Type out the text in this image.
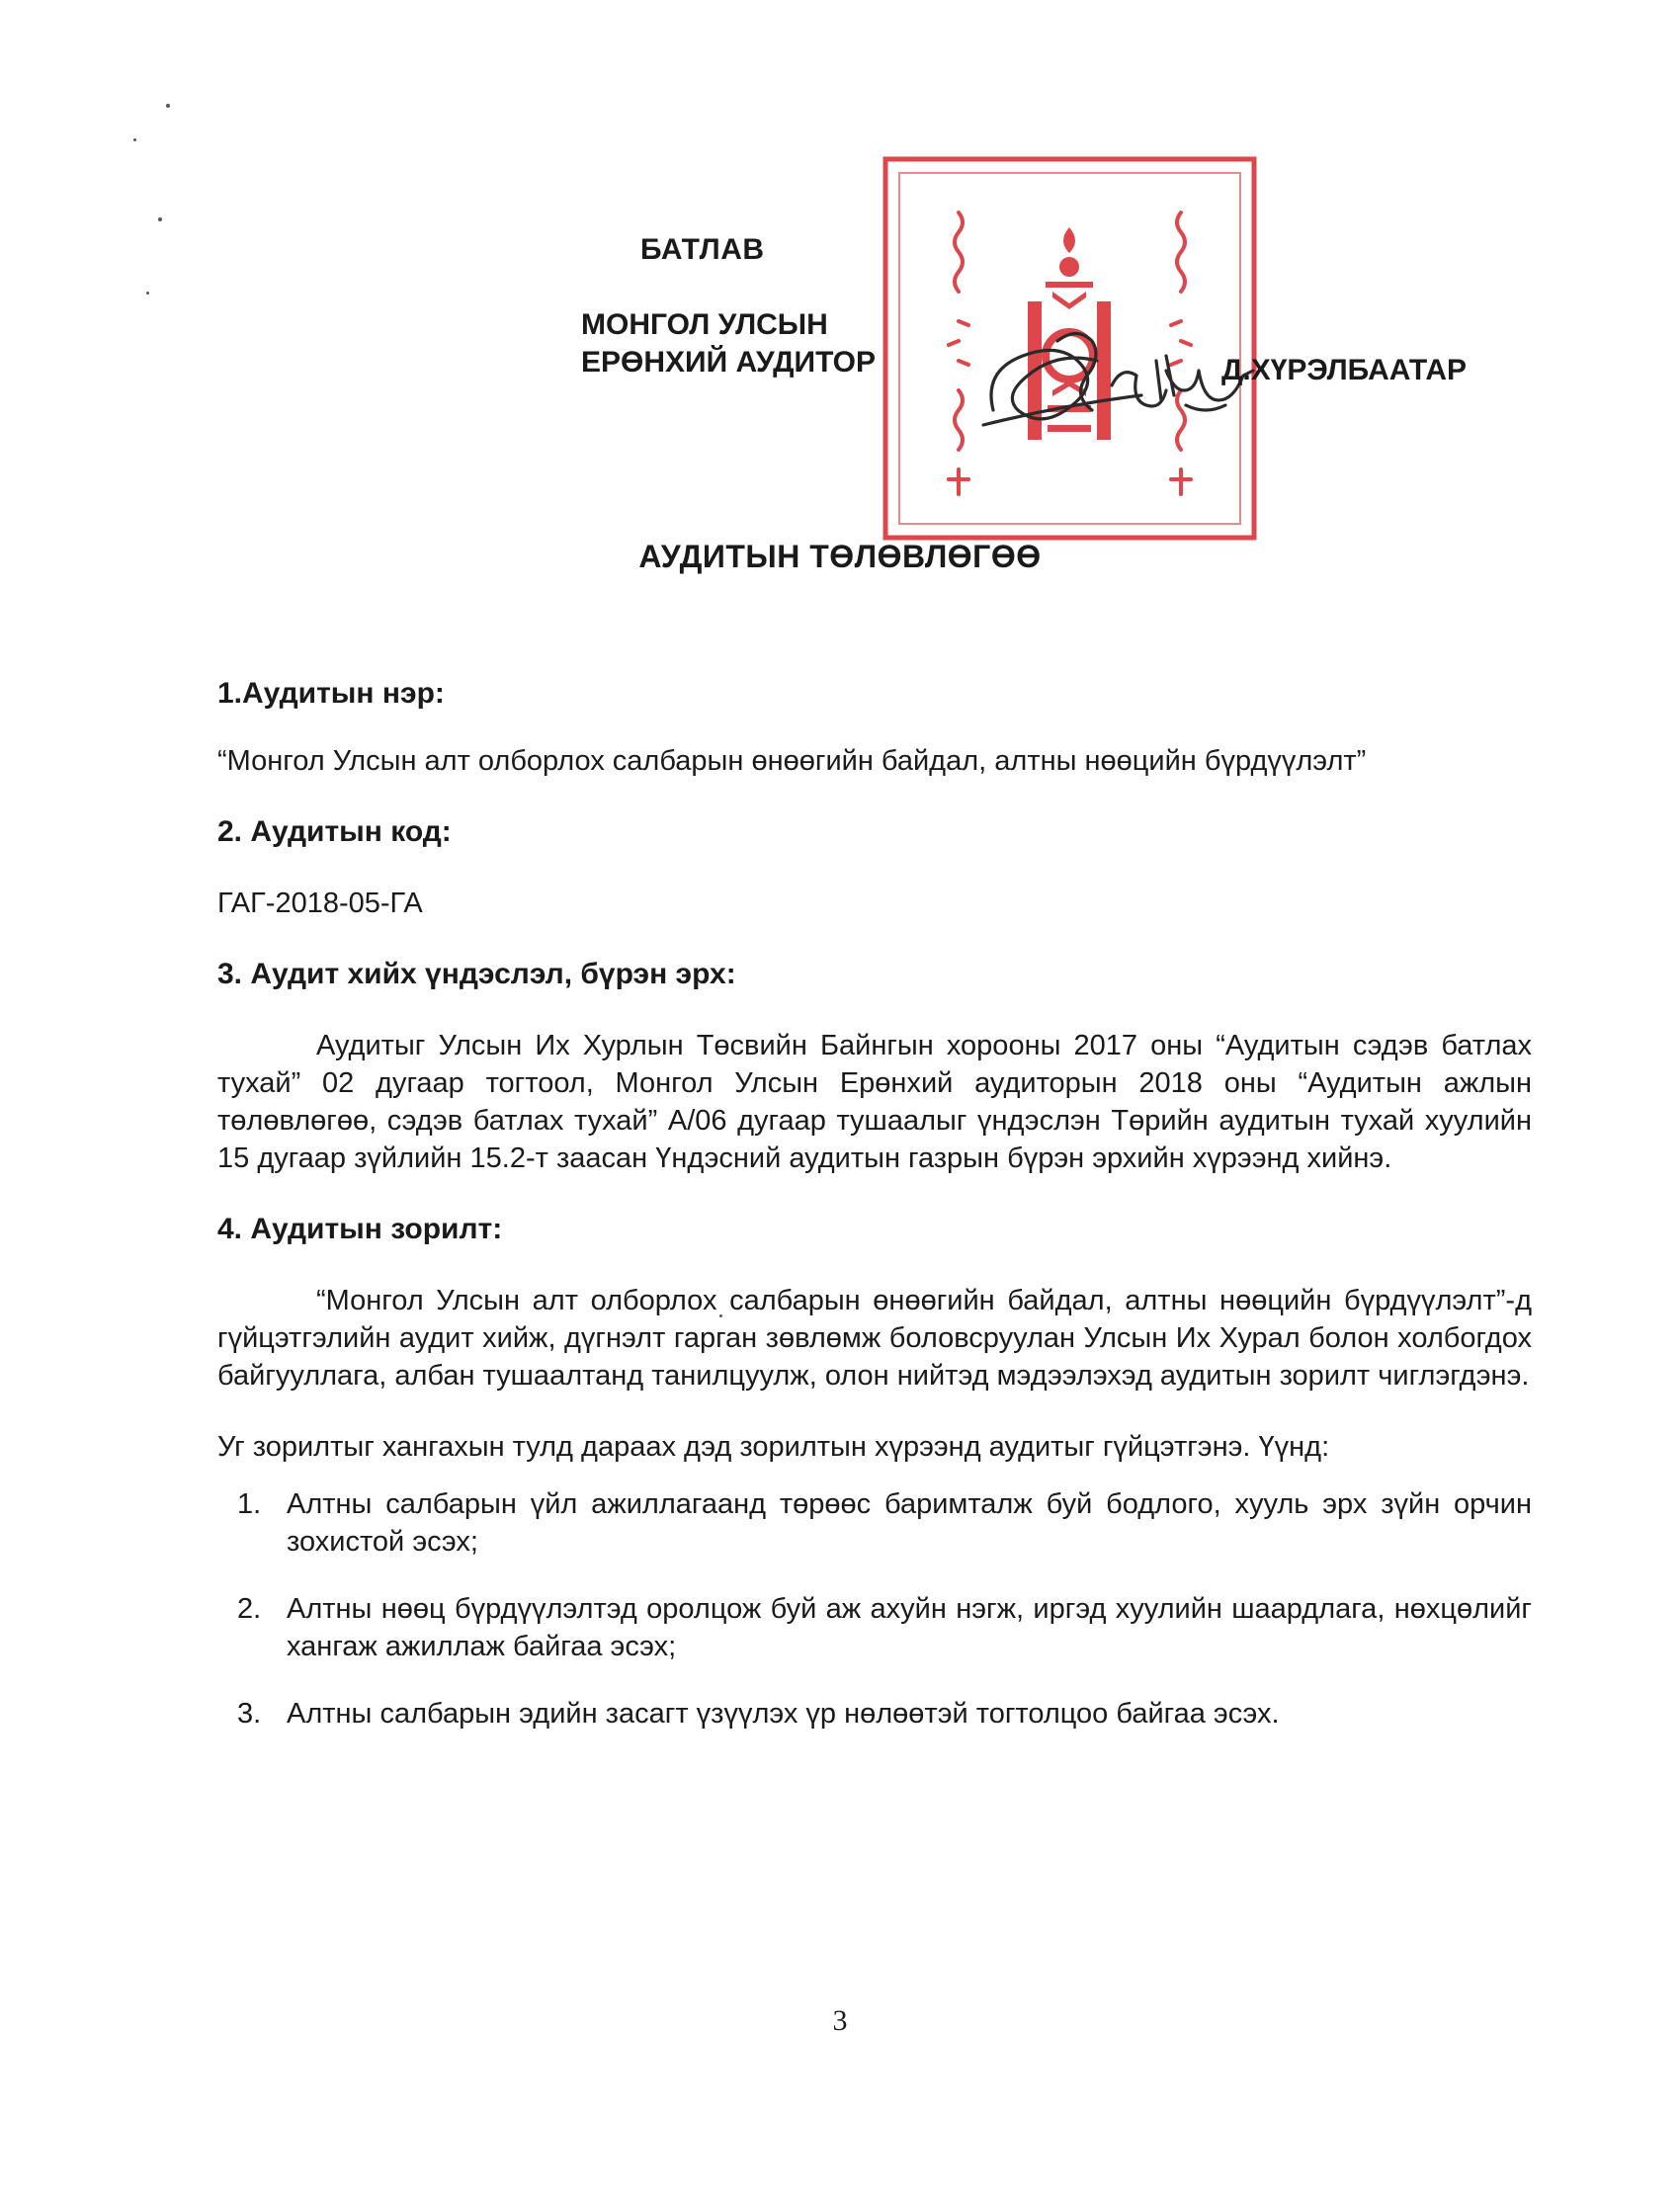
БАТЛАВ
МОНГОЛ УЛСЫН
ЕРӨНХИЙ АУДИТОР	Д.ХҮРЭЛБААТАР
АУДИТЫН ТӨЛӨВЛӨГӨӨ

1.Аудитын нэр:

“Монгол Улсын алт олборлох салбарын өнөөгийн байдал, алтны нөөцийн бүрдүүлэлт”

2. Аудитын код:

ГАГ-2018-05-ГА

3. Аудит хийх үндэслэл, бүрэн эрх:

Аудитыг Улсын Их Хурлын Төсвийн Байнгын хорооны 2017 оны “Аудитын сэдэв батлах тухай” 02 дугаар тогтоол, Монгол Улсын Ерөнхий аудиторын 2018 оны “Аудитын ажлын төлөвлөгөө, сэдэв батлах тухай” А/06 дугаар тушаалыг үндэслэн Төрийн аудитын тухай хуулийн 15 дугаар зүйлийн 15.2-т заасан Үндэсний аудитын газрын бүрэн эрхийн хүрээнд хийнэ.

4. Аудитын зорилт:

“Монгол Улсын алт олборлох салбарын өнөөгийн байдал, алтны нөөцийн бүрдүүлэлт”-д гүйцэтгэлийн аудит хийж, дүгнэлт гарган зөвлөмж боловсруулан Улсын Их Хурал болон холбогдох байгууллага, албан тушаалтанд танилцуулж, олон нийтэд мэдээлэхэд аудитын зорилт чиглэгдэнэ.

Уг зорилтыг хангахын тулд дараах дэд зорилтын хүрээнд аудитыг гүйцэтгэнэ. Үүнд:

1. Алтны салбарын үйл ажиллагаанд төрөөс баримталж буй бодлого, хууль эрх зүйн орчин зохистой эсэх;
2. Алтны нөөц бүрдүүлэлтэд оролцож буй аж ахуйн нэгж, иргэд хуулийн шаардлага, нөхцөлийг хангаж ажиллаж байгаа эсэх;
3. Алтны салбарын эдийн засагт үзүүлэх үр нөлөөтэй тогтолцоо байгаа эсэх.
3
